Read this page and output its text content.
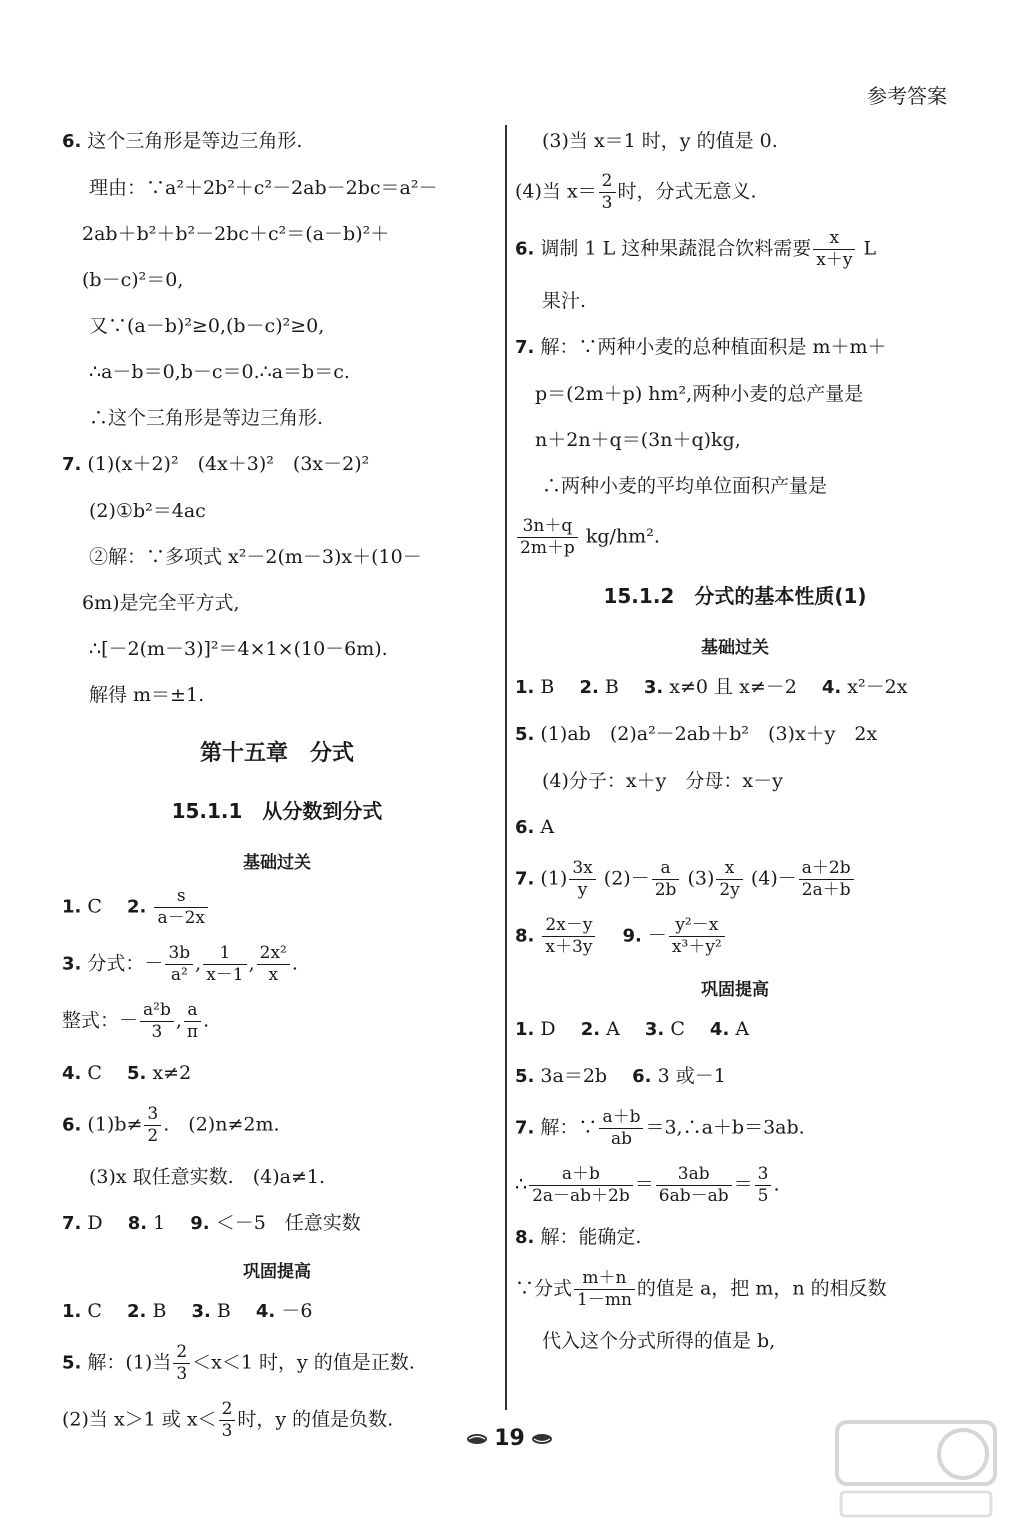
参考答案

6. 这个三角形是等边三角形.

理由：∵a²＋2b²＋c²－2ab－2bc＝a²－

2ab＋b²＋b²－2bc＋c²＝(a－b)²＋

(b－c)²＝0,

又∵(a－b)²≥0,(b－c)²≥0,

∴a－b＝0,b－c＝0.∴a＝b＝c.

∴这个三角形是等边三角形.

7. (1)(x＋2)²　(4x＋3)²　(3x－2)²

(2)①b²＝4ac

②解：∵多项式 x²－2(m－3)x＋(10－

6m)是完全平方式,

∴[－2(m－3)]²＝4×1×(10－6m).

解得 m＝±1.

第十五章　分式
15.1.1　从分数到分式
基础过关

1. C　 2. $\frac{s}{a-2x}$

3. 分式：－ $\frac{3b}{\text{a²}}$ , $\frac{1}{x-1}$ , $\frac{\text{2x²}}{x}$ .

整式：－ $\frac{\text{a²b}}{3}$ , $\frac{a}{\pi}$ .

4. C　 5. x≠2

6. $(1)b\ne \frac{3}{2}$ .　(2)n≠2m.

(3)x 取任意实数.　(4)a≠1.

7. D　 8. 1　 9. ＜－5　任意实数

巩固提高

1. C　 2. B　 3. B　 4. －6

5. 解：(1)当 $\frac{2}{3} <x<1$ 时，y 的值是正数.

(2)当 x＞1 或 $x< \frac{2}{3}$ 时，y 的值是负数.

(3)当 x＝1 时，y 的值是 0.

(4)当 $x= \frac{2}{3}$ 时，分式无意义.

6. 调制 1 L 这种果蔬混合饮料需要 $\frac{x}{x+y}$ L

果汁.

7. 解：∵两种小麦的总种植面积是 m＋m＋

p＝(2m＋p) hm²,两种小麦的总产量是

n＋2n＋q＝(3n＋q)kg,

∴两种小麦的平均单位面积产量是

$\frac{3n+q}{2m+p} kg/hm^2$.

15.1.2　分式的基本性质(1)
基础过关

1. B　 2. B　 3. x≠0 且 x≠－2　 4. x²－2x

5. (1)ab　(2)a²－2ab＋b²　(3)x＋y　2x

(4)分子：x＋y　分母：x－y

6. A

7. $(1) \frac{3x}{y} (2)- \frac{a}{2b} (3) \frac{x}{2y} (4)- \frac{a+2b}{2a+b}$

8. $\frac{2x-y}{x+3y}$
　 9. － $\frac{\text{y²－x}}{\text{x³＋y²}}$

巩固提高

1. D　 2. A　 3. C　 4. A

5. 3a＝2b　 6. 3 或－1

7. 解：∵ $\frac{a+b}{ab}$ ＝3,∴a＋b＝3ab.

∴ $\frac{a+b}{2a-ab+2b} = \frac{3ab}{6ab-ab} = \frac{3}{5}$ .

8. 解：能确定.

∵分式 $\frac{m+n}{1-mn}$ 的值是 a，把 m，n 的相反数

代入这个分式所得的值是 b,

19
